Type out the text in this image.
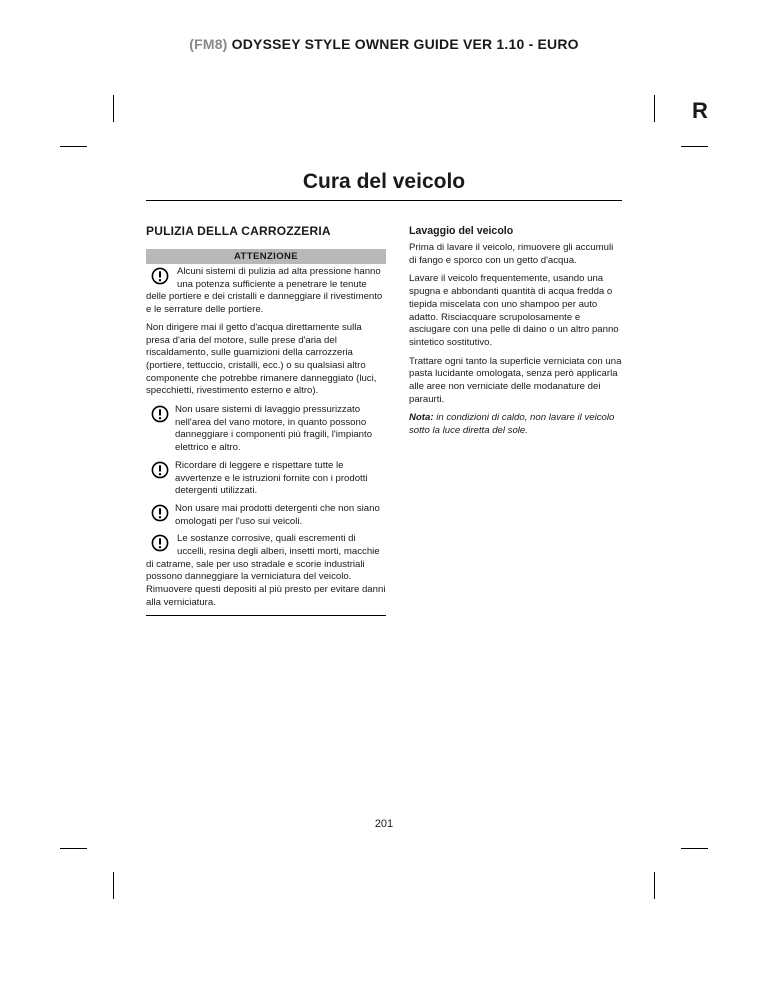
(FM8) ODYSSEY STYLE OWNER GUIDE VER 1.10 - EURO
R
Cura del veicolo
PULIZIA DELLA CARROZZERIA
ATTENZIONE
Alcuni sistemi di pulizia ad alta pressione hanno una potenza sufficiente a penetrare le tenute delle portiere e dei cristalli e danneggiare il rivestimento e le serrature delle portiere.

Non dirigere mai il getto d'acqua direttamente sulla presa d'aria del motore, sulle prese d'aria del riscaldamento, sulle guarnizioni della carrozzeria (portiere, tettuccio, cristalli, ecc.) o su qualsiasi altro componente che potrebbe rimanere danneggiato (luci, specchietti, rivestimento esterno e altro).

Non usare sistemi di lavaggio pressurizzato nell'area del vano motore, in quanto possono danneggiare i componenti più fragili, l'impianto elettrico e altro.
Ricordare di leggere e rispettare tutte le avvertenze e le istruzioni fornite con i prodotti detergenti utilizzati.
Non usare mai prodotti detergenti che non siano omologati per l'uso sui veicoli.
Le sostanze corrosive, quali escrementi di uccelli, resina degli alberi, insetti morti, macchie di catrame, sale per uso stradale e scorie industriali possono danneggiare la verniciatura del veicolo. Rimuovere questi depositi al più presto per evitare danni alla verniciatura.
Lavaggio del veicolo

Prima di lavare il veicolo, rimuovere gli accumuli di fango e sporco con un getto d'acqua.

Lavare il veicolo frequentemente, usando una spugna e abbondanti quantità di acqua fredda o tiepida miscelata con uno shampoo per auto adatto. Risciacquare scrupolosamente e asciugare con una pelle di daino o un altro panno sintetico sostitutivo.

Trattare ogni tanto la superficie verniciata con una pasta lucidante omologata, senza però applicarla alle aree non verniciate delle modanature dei paraurti.

Nota: in condizioni di caldo, non lavare il veicolo sotto la luce diretta del sole.

201
